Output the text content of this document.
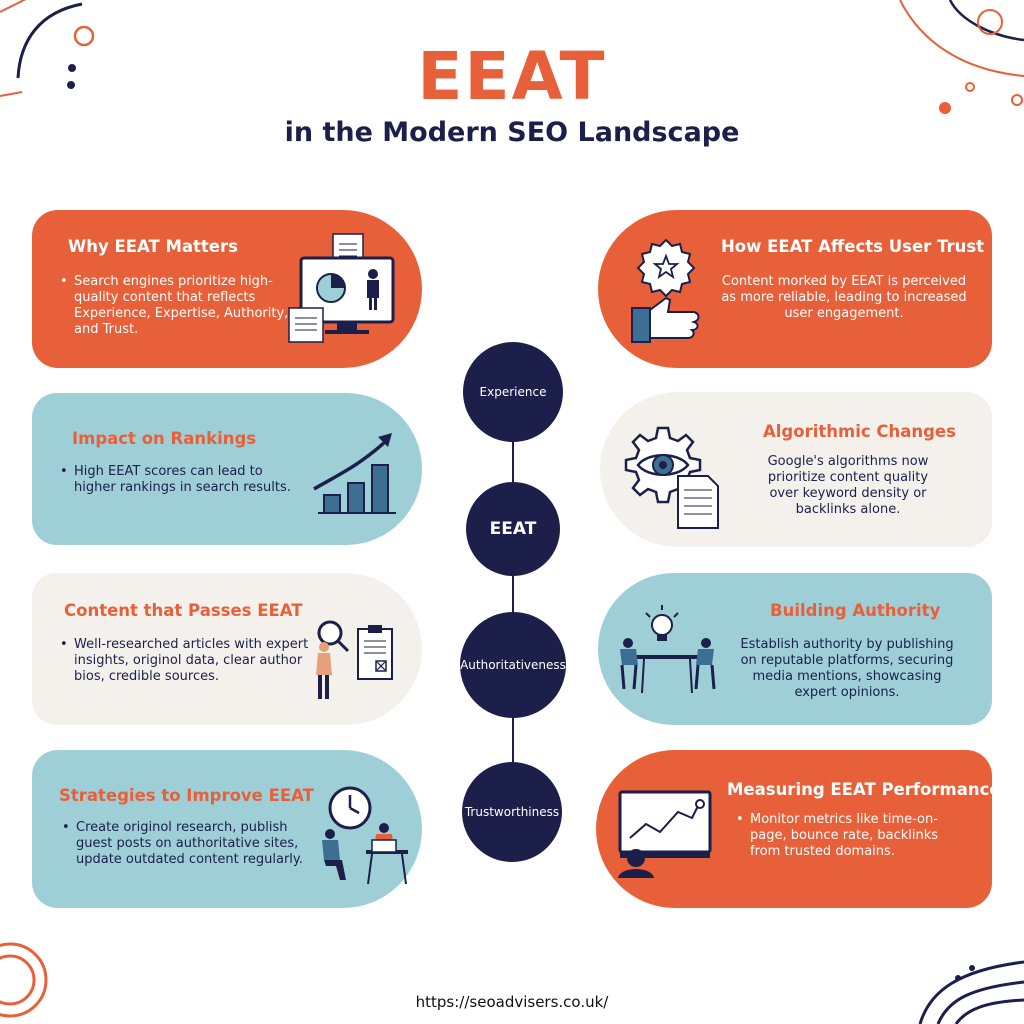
EEAT
in the Modern SEO Landscape
Experience
EEAT
Authoritativeness
Trustworthiness
Why EEAT Matters
• Search engines prioritize high-quality content that reflects Experience, Expertise, Authority, and Trust.
Impact on Rankings
• High EEAT scores can lead to higher rankings in search results.
Content that Passes EEAT
• Well-researched articles with expert insights, originol data, clear author bios, credible sources.
Strategies to Improve EEAT
• Create originol research, publish guest posts on authoritative sites, update outdated content regularly.
How EEAT Affects User Trust
Content morked by EEAT is perceived as more reliable, leading to increased user engagement.
Algorithmic Changes
Google's algorithms now prioritize content quality over keyword density or backlinks alone.
Building Authority
Establish authority by publishing on reputable platforms, securing media mentions, showcasing expert opinions.
Measuring EEAT Performance
• Monitor metrics like time-on-page, bounce rate, backlinks from trusted domains.
https://seoadvisers.co.uk/
